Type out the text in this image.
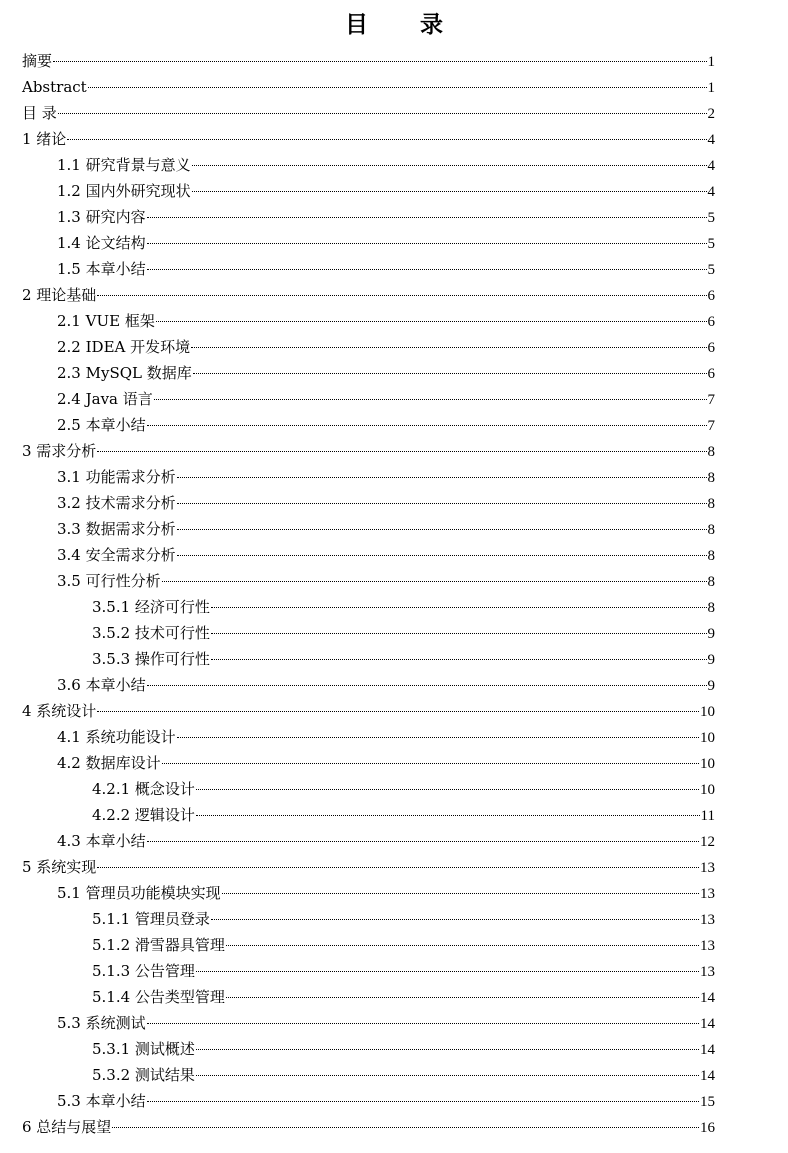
目 录
摘要	1
Abstract	1
目 录	2
1 绪论	4
1.1 研究背景与意义	4
1.2 国内外研究现状	4
1.3 研究内容	5
1.4 论文结构	5
1.5 本章小结	5
2 理论基础	6
2.1 VUE 框架	6
2.2 IDEA 开发环境	6
2.3 MySQL 数据库	6
2.4 Java 语言	7
2.5 本章小结	7
3 需求分析	8
3.1 功能需求分析	8
3.2 技术需求分析	8
3.3 数据需求分析	8
3.4 安全需求分析	8
3.5 可行性分析	8
3.5.1 经济可行性	8
3.5.2 技术可行性	9
3.5.3 操作可行性	9
3.6 本章小结	9
4 系统设计	10
4.1 系统功能设计	10
4.2 数据库设计	10
4.2.1 概念设计	10
4.2.2 逻辑设计	11
4.3 本章小结	12
5 系统实现	13
5.1 管理员功能模块实现	13
5.1.1 管理员登录	13
5.1.2 滑雪器具管理	13
5.1.3 公告管理	13
5.1.4 公告类型管理	14
5.3 系统测试	14
5.3.1 测试概述	14
5.3.2 测试结果	14
5.3 本章小结	15
6 总结与展望	16
